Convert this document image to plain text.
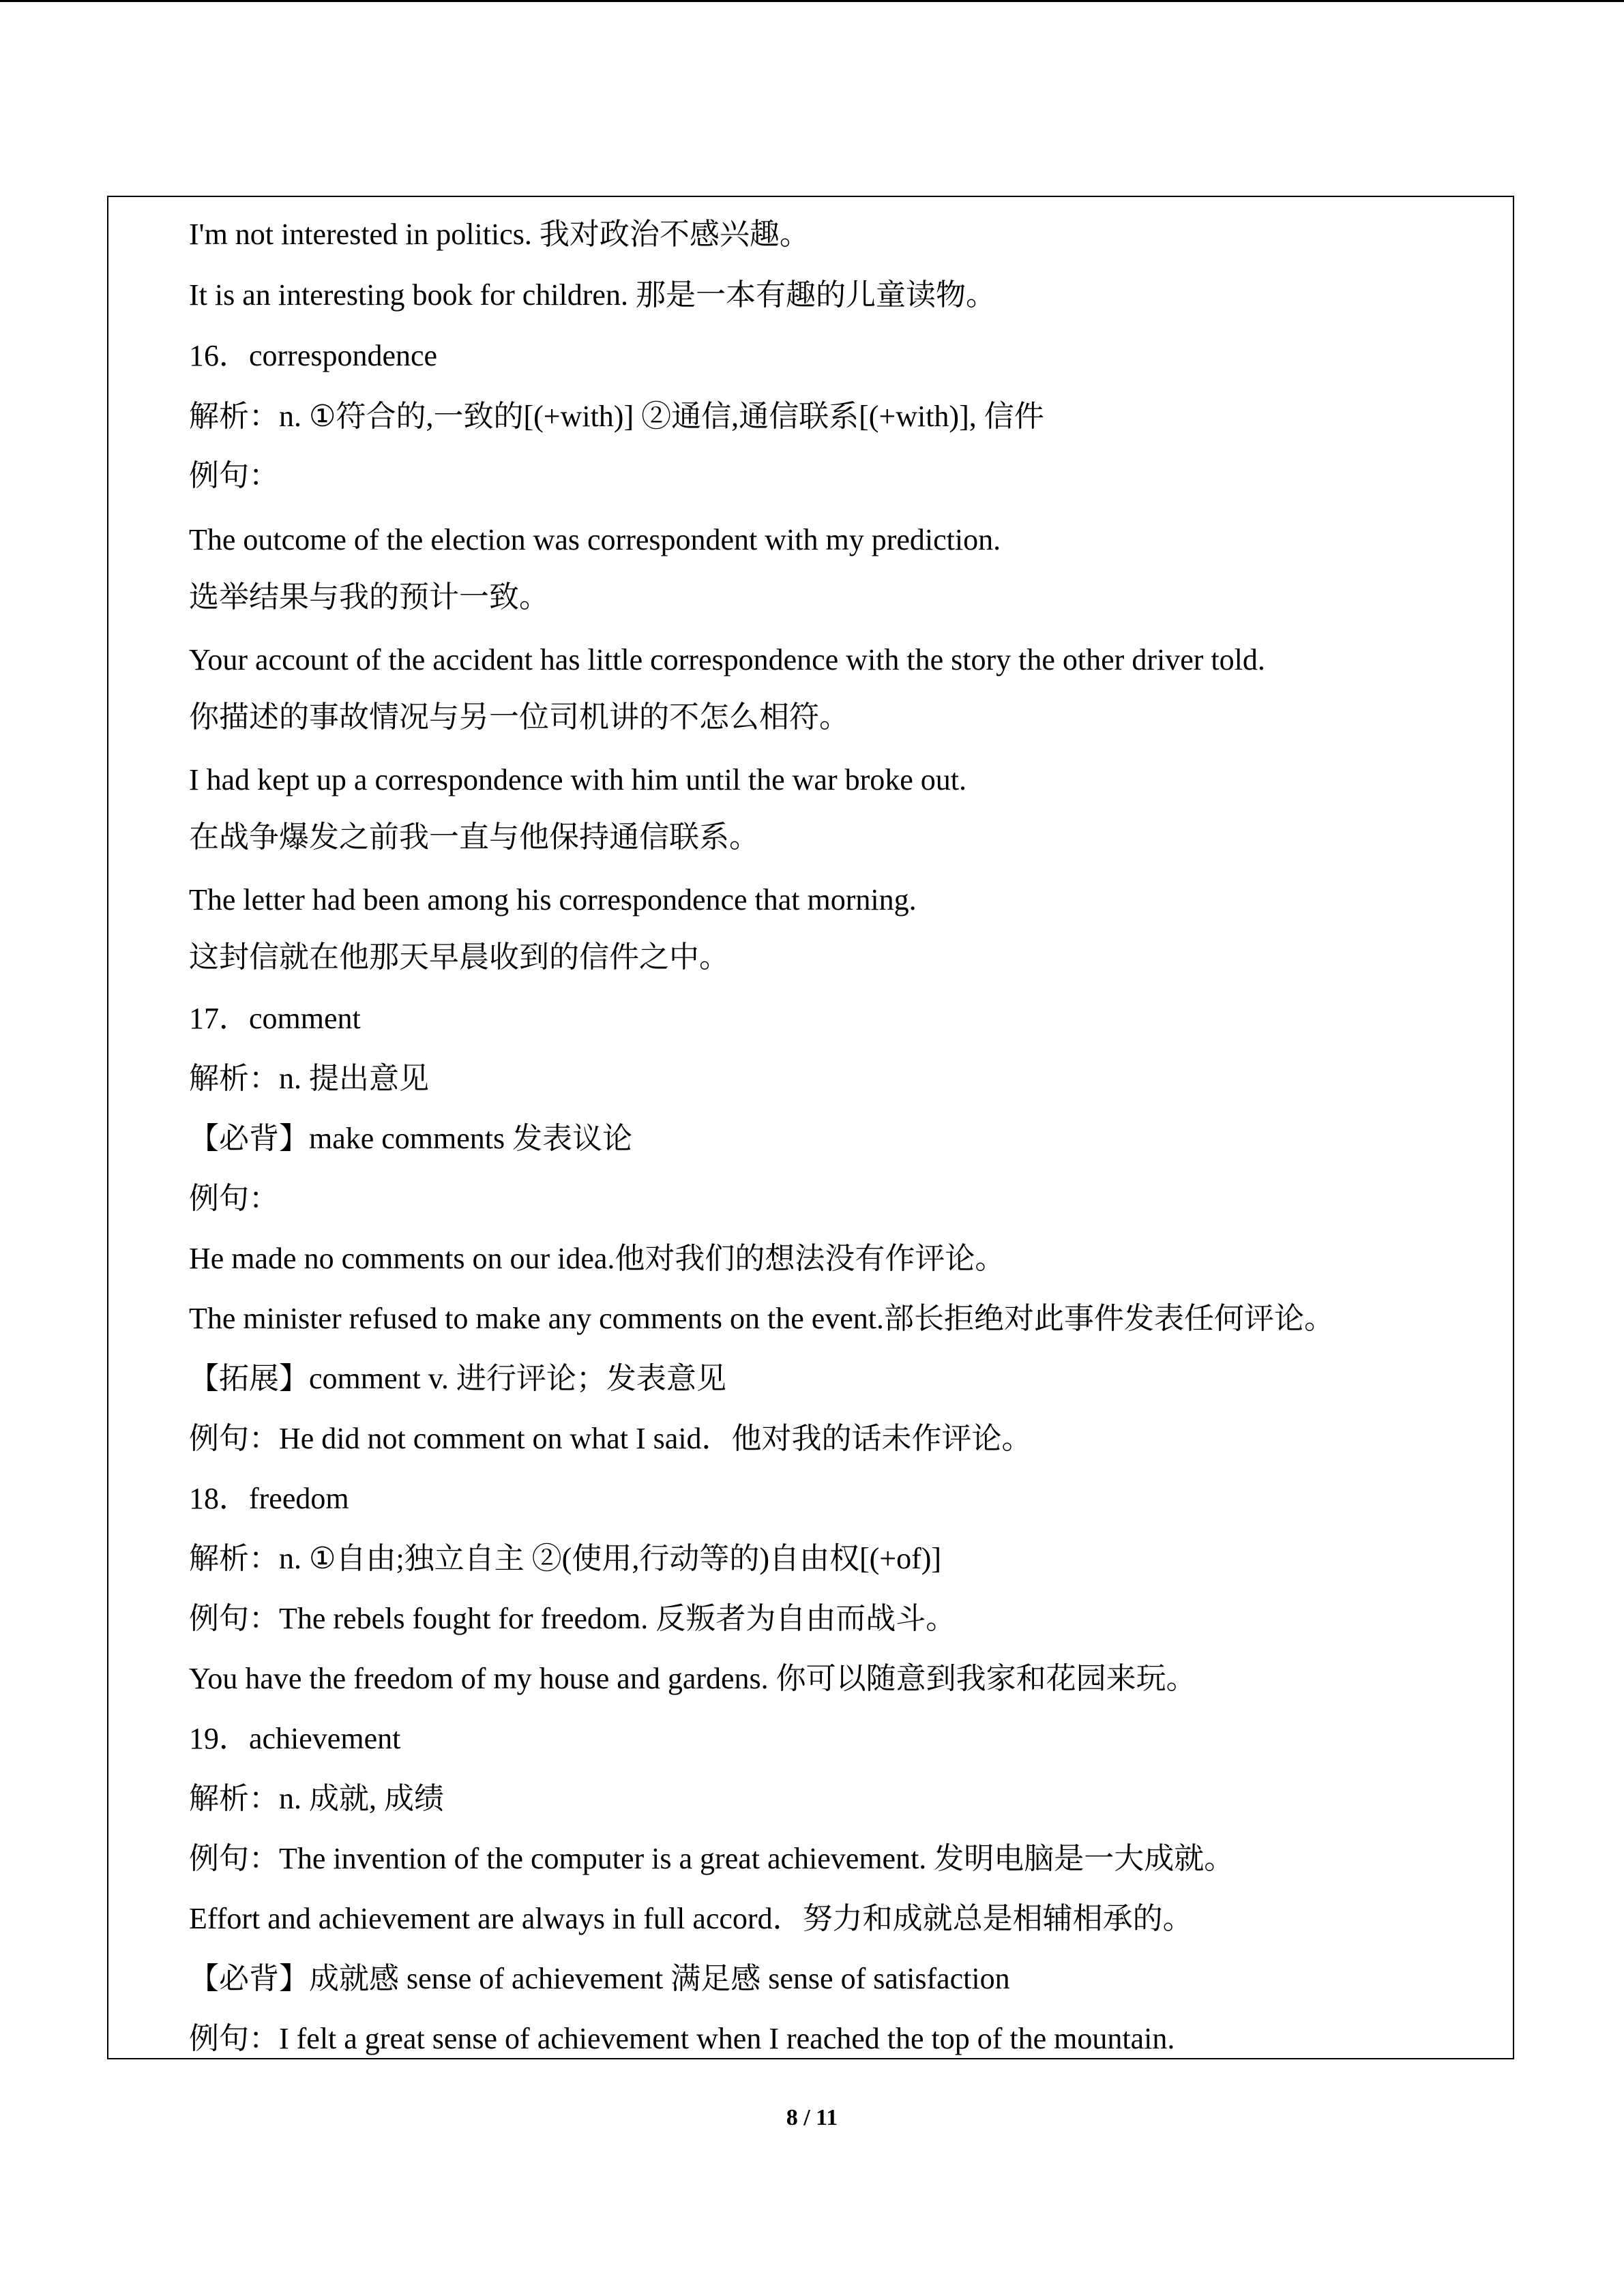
I'm not interested in politics. 我对政治不感兴趣。
It is an interesting book for children. 那是一本有趣的儿童读物。
16．correspondence
解析：n. ①符合的,一致的[(+with)] ②通信,通信联系[(+with)], 信件
例句：
The outcome of the election was correspondent with my prediction.
选举结果与我的预计一致。
Your account of the accident has little correspondence with the story the other driver told.
你描述的事故情况与另一位司机讲的不怎么相符。
I had kept up a correspondence with him until the war broke out.
在战争爆发之前我一直与他保持通信联系。
The letter had been among his correspondence that morning.
这封信就在他那天早晨收到的信件之中。
17．comment
解析：n. 提出意见
【必背】make comments 发表议论
例句：
He made no comments on our idea.他对我们的想法没有作评论。
The minister refused to make any comments on the event.部长拒绝对此事件发表任何评论。
【拓展】comment v. 进行评论；发表意见
例句：He did not comment on what I said．他对我的话未作评论。
18．freedom
解析：n. ①自由;独立自主 ②(使用,行动等的)自由权[(+of)]
例句：The rebels fought for freedom. 反叛者为自由而战斗。
You have the freedom of my house and gardens. 你可以随意到我家和花园来玩。
19．achievement
解析：n. 成就, 成绩
例句：The invention of the computer is a great achievement. 发明电脑是一大成就。
Effort and achievement are always in full accord．努力和成就总是相辅相承的。
【必背】成就感 sense of achievement 满足感 sense of satisfaction
例句：I felt a great sense of achievement when I reached the top of the mountain.
8 / 11
